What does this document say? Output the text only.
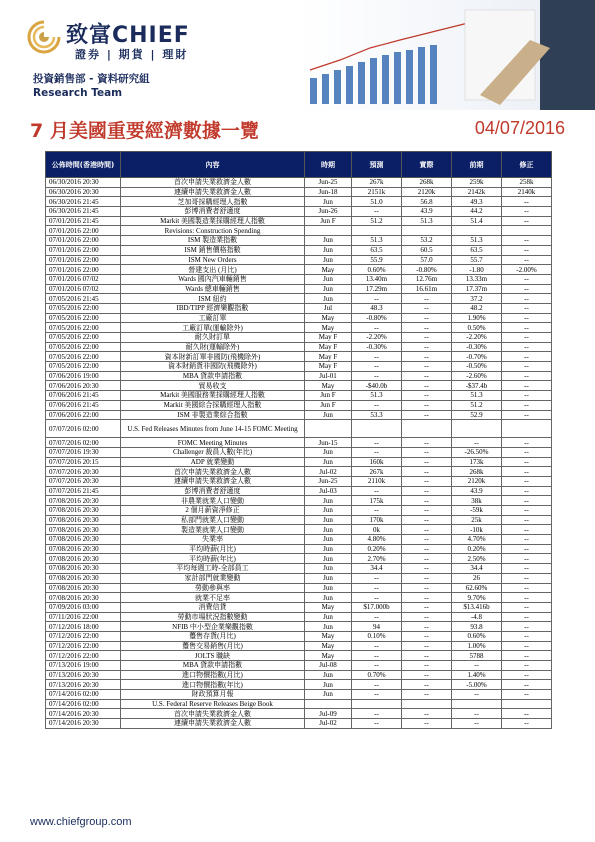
致富CHIEF
證券 | 期貨 | 理財
投資銷售部 - 資料研究組
Research Team
7 月美國重要經濟數據一覽	04/07/2016
公佈時間(香港時間)	內容	時期	預測	實際	前期	修正
06/30/2016 20:30	首次申請失業救濟金人數	Jun-25	267k	268k	259k	258k
06/30/2016 20:30	連續申請失業救濟金人數	Jun-18	2151k	2120k	2142k	2140k
06/30/2016 21:45	芝加哥採購經理人指數	Jun	51.0	56.8	49.3	--
06/30/2016 21:45	彭博消費者舒適度	Jun-26	--	43.9	44.2	--
07/01/2016 21:45	Markit 美國製造業採購經理人指數	Jun F	51.2	51.3	51.4	--
07/01/2016 22:00	Revisions: Construction Spending					
07/01/2016 22:00	ISM 製造業指數	Jun	51.3	53.2	51.3	--
07/01/2016 22:00	ISM 銷售價格指數	Jun	63.5	60.5	63.5	--
07/01/2016 22:00	ISM New Orders	Jun	55.9	57.0	55.7	--
07/01/2016 22:00	營建支出 (月比)	May	0.60%	-0.80%	-1.80	-2.00%
07/01/2016 07/02	Wards 國內汽車輛銷售	Jun	13.40m	12.76m	13.33m	--
07/01/2016 07/02	Wards 總車輛銷售	Jun	17.29m	16.61m	17.37m	--
07/05/2016 21:45	ISM 紐約	Jun	--	--	37.2	--
07/05/2016 22:00	IBD/TIPP 經濟樂觀指數	Jul	48.3	--	48.2	--
07/05/2016 22:00	工廠訂單	May	-0.80%	--	1.90%	--
07/05/2016 22:00	工廠訂單(運輸除外)	May	--	--	0.50%	--
07/05/2016 22:00	耐久財訂單	May F	-2.20%	--	-2.20%	--
07/05/2016 22:00	耐久財(運輸除外)	May F	-0.30%	--	-0.30%	--
07/05/2016 22:00	資本財新訂單非國防(飛機除外)	May F	--	--	-0.70%	--
07/05/2016 22:00	資本財銷貨非國防(飛機除外)	May F	--	--	-0.50%	--
07/06/2016 19:00	MBA 貸款申請指數	Jul-01	--	--	-2.60%	--
07/06/2016 20:30	貿易收支	May	-$40.0b	--	-$37.4b	--
07/06/2016 21:45	Markit 美國服務業採購經理人指數	Jun F	51.3	--	51.3	--
07/06/2016 21:45	Markit 美國綜合採購經理人指數	Jun F	--	--	51.2	--
07/06/2016 22:00	ISM 非製造業綜合指數	Jun	53.3	--	52.9	--
07/07/2016 02:00	U.S. Fed Releases Minutes from June 14-15 FOMC Meeting					
07/07/2016 02:00	FOMC Meeting Minutes	Jun-15	--	--	--	--
07/07/2016 19:30	Challenger 裁員人數(年比)	Jun	--	--	-26.50%	--
07/07/2016 20:15	ADP 就業變動	Jun	160k	--	173k	--
07/07/2016 20:30	首次申請失業救濟金人數	Jul-02	267k	--	268k	--
07/07/2016 20:30	連續申請失業救濟金人數	Jun-25	2110k	--	2120k	--
07/07/2016 21:45	彭博消費者舒適度	Jul-03	--	--	43.9	--
07/08/2016 20:30	非農業就業人口變動	Jun	175k	--	38k	--
07/08/2016 20:30	2 個月薪資淨修正	Jun	--	--	-59k	--
07/08/2016 20:30	私部門就業人口變動	Jun	170k	--	25k	--
07/08/2016 20:30	製造業就業人口變動	Jun	0k	--	-10k	--
07/08/2016 20:30	失業率	Jun	4.80%	--	4.70%	--
07/08/2016 20:30	平均時薪(月比)	Jun	0.20%	--	0.20%	--
07/08/2016 20:30	平均時薪(年比)	Jun	2.70%	--	2.50%	--
07/08/2016 20:30	平均每週工時-全部員工	Jun	34.4	--	34.4	--
07/08/2016 20:30	家計部門就業變動	Jun	--	--	26	--
07/08/2016 20:30	勞動參與率	Jun	--	--	62.60%	--
07/08/2016 20:30	就業不足率	Jun	--	--	9.70%	--
07/09/2016 03:00	消費信貸	May	$17.000b	--	$13.416b	--
07/11/2016 22:00	勞動市場狀況指數變動	Jun	--	--	-4.8	--
07/12/2016 18:00	NFIB 中小型企業樂觀指數	Jun	94	--	93.8	--
07/12/2016 22:00	躉售存貨(月比)	May	0.10%	--	0.60%	--
07/12/2016 22:00	躉售交易銷售(月比)	May	--	--	1.00%	--
07/12/2016 22:00	JOLTS 職缺	May	--	--	5788	--
07/13/2016 19:00	MBA 貸款申請指數	Jul-08	--	--	--	--
07/13/2016 20:30	進口物價指數(月比)	Jun	0.70%	--	1.40%	--
07/13/2016 20:30	進口物價指數(年比)	Jun	--	--	-5.00%	--
07/14/2016 02:00	財政預算月報	Jun	--	--	--	--
07/14/2016 02:00	U.S. Federal Reserve Releases Beige Book					
07/14/2016 20:30	首次申請失業救濟金人數	Jul-09	--	--	--	--
07/14/2016 20:30	連續申請失業救濟金人數	Jul-02	--	--	--	--
www.chiefgroup.com
